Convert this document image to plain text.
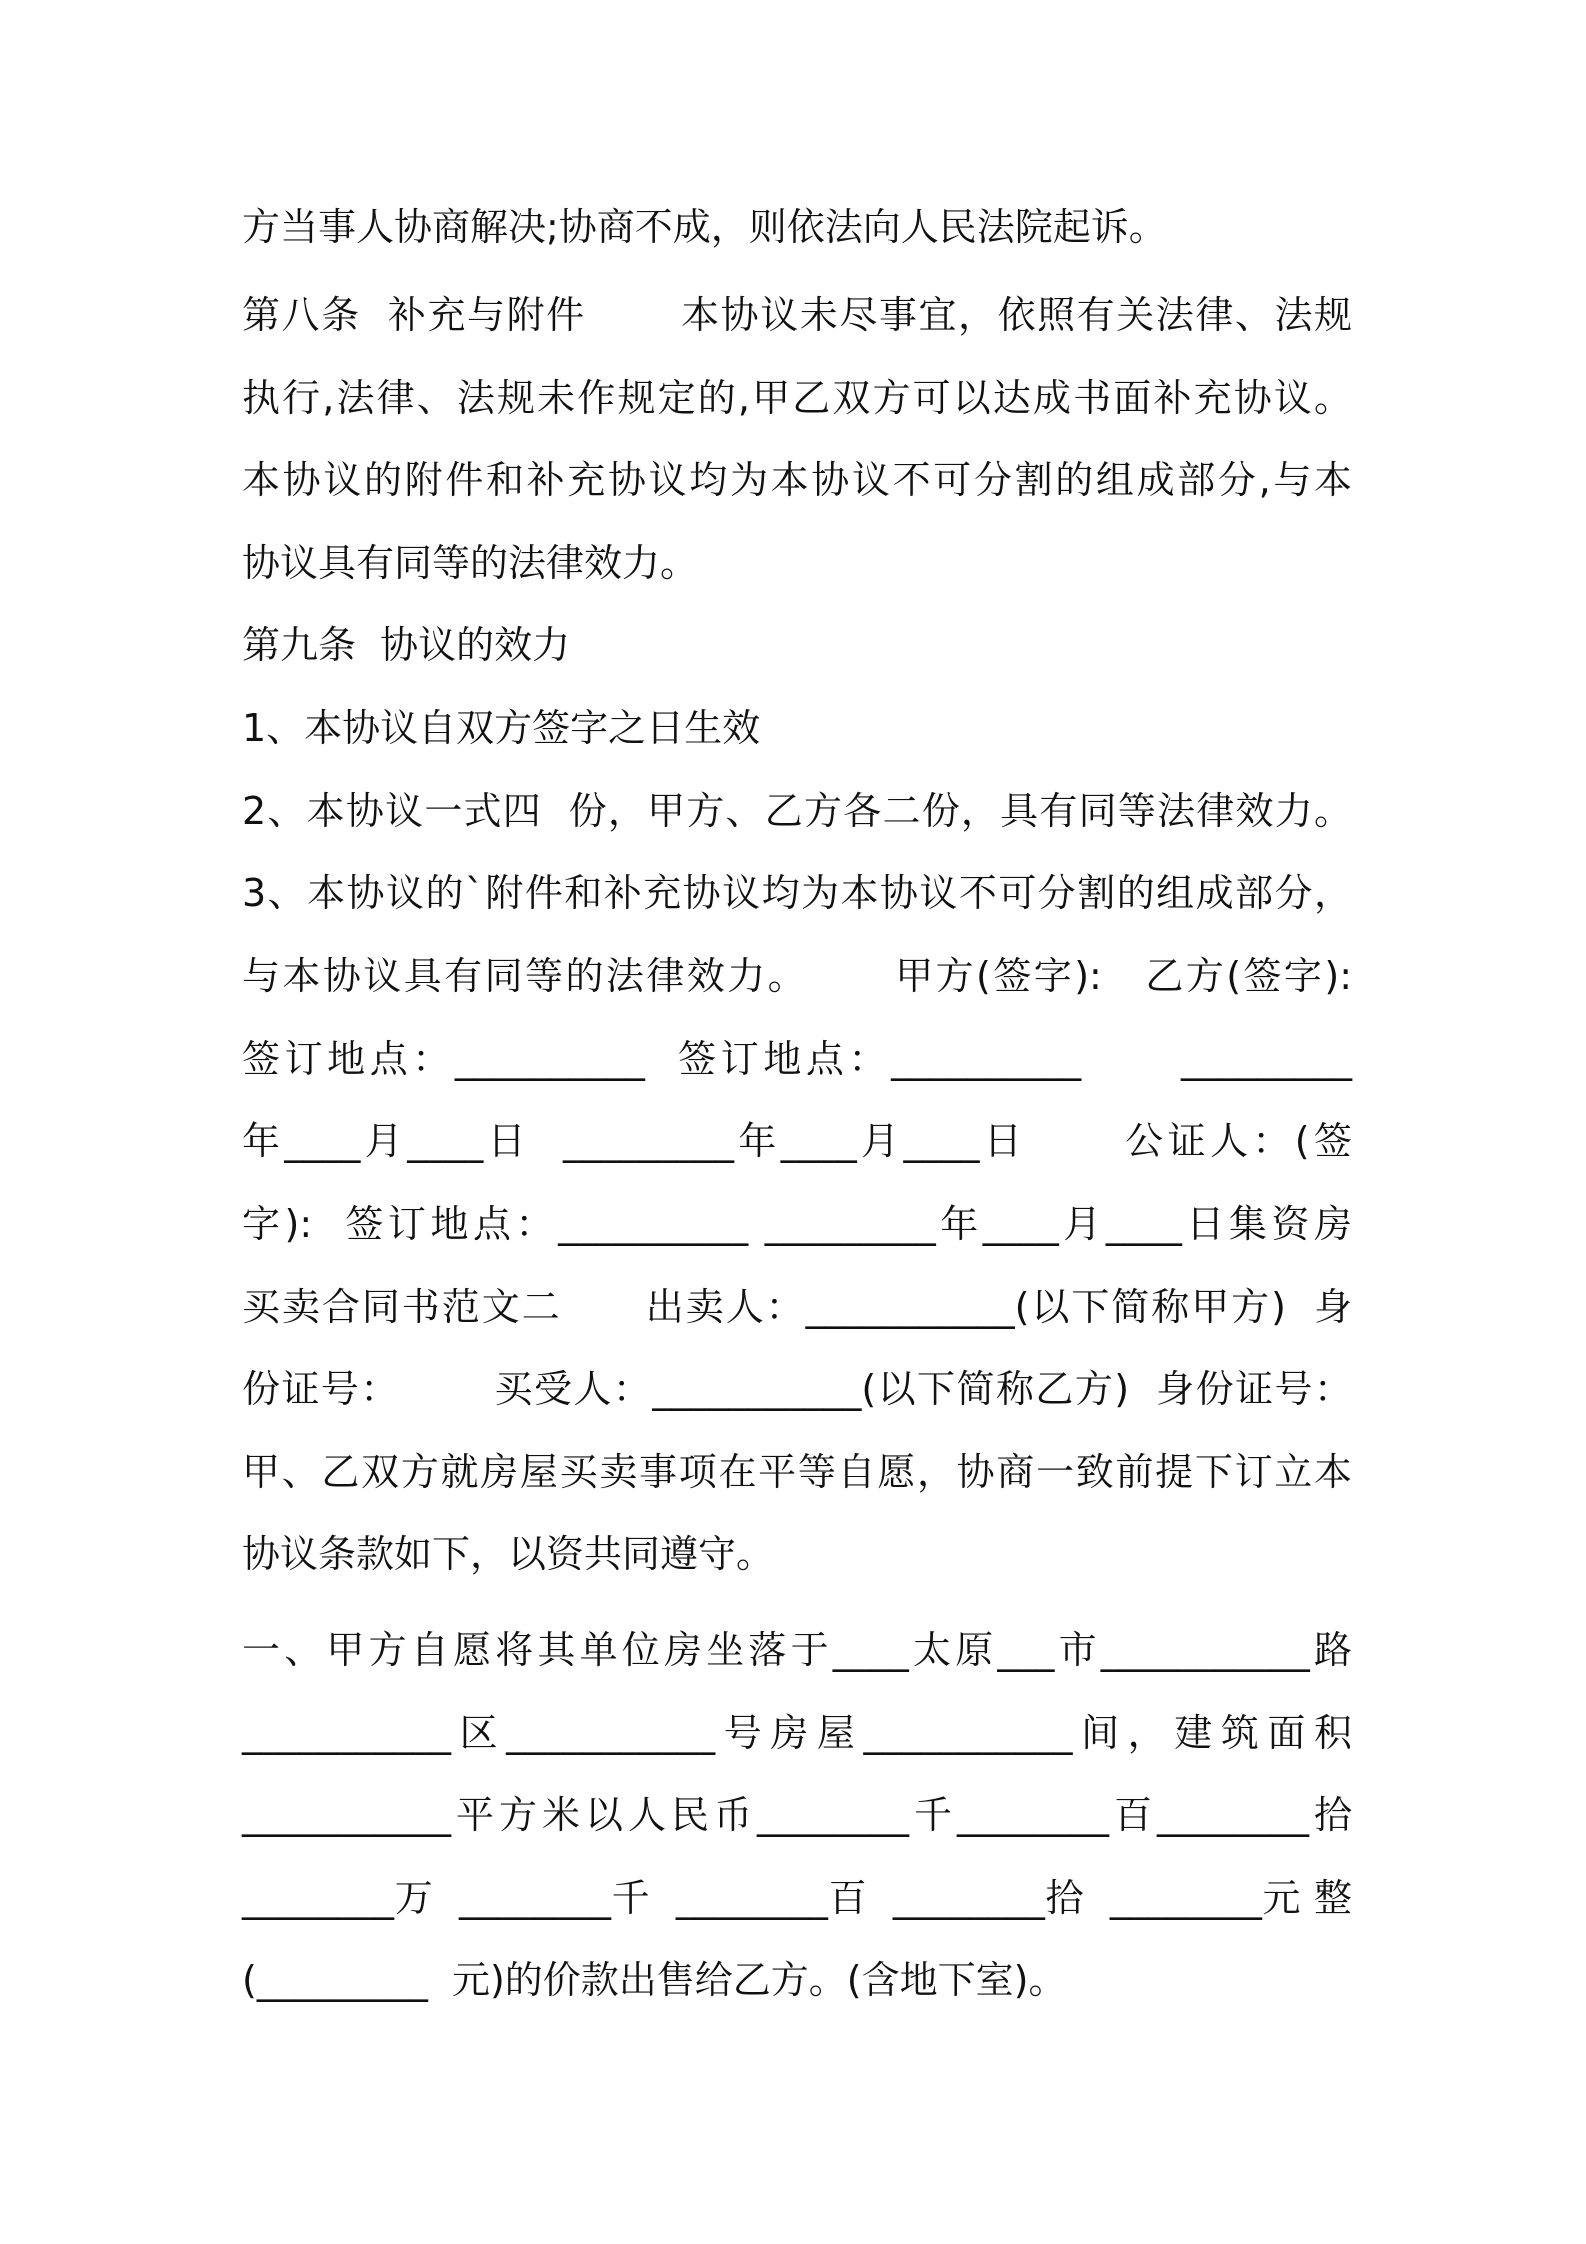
方当事人协商解决;协商不成，则依法向人民法院起诉。
第八条  补充与附件       本协议未尽事宜，依照有关法律、法规
执行,法律、法规未作规定的,甲乙双方可以达成书面补充协议。
本协议的附件和补充协议均为本协议不可分割的组成部分,与本
协议具有同等的法律效力。
第九条  协议的效力
1、本协议自双方签字之日生效
2、本协议一式四  份，甲方、乙方各二份，具有同等法律效力。
3、本协议的`附件和补充协议均为本协议不可分割的组成部分，
与本协议具有同等的法律效力。      甲方(签字):   乙方(签字):
签订地点：__________  签订地点：__________      _________
年____月____日  _________年____月____日      公证人：(签
字):  签订地点：__________ _________年____月____日集资房
买卖合同书范文二      出卖人：___________(以下简称甲方)  身
份证号：       买受人：___________(以下简称乙方)  身份证号：
甲、乙双方就房屋买卖事项在平等自愿，协商一致前提下订立本
协议条款如下，以资共同遵守。
一、甲方自愿将其单位房坐落于____太原___市___________路
___________区___________号房屋___________间，建筑面积
___________平方米以人民币________千________百________拾
________万  ________千  ________百  ________拾  ________元 整
(_________  元)的价款出售给乙方。(含地下室)。
